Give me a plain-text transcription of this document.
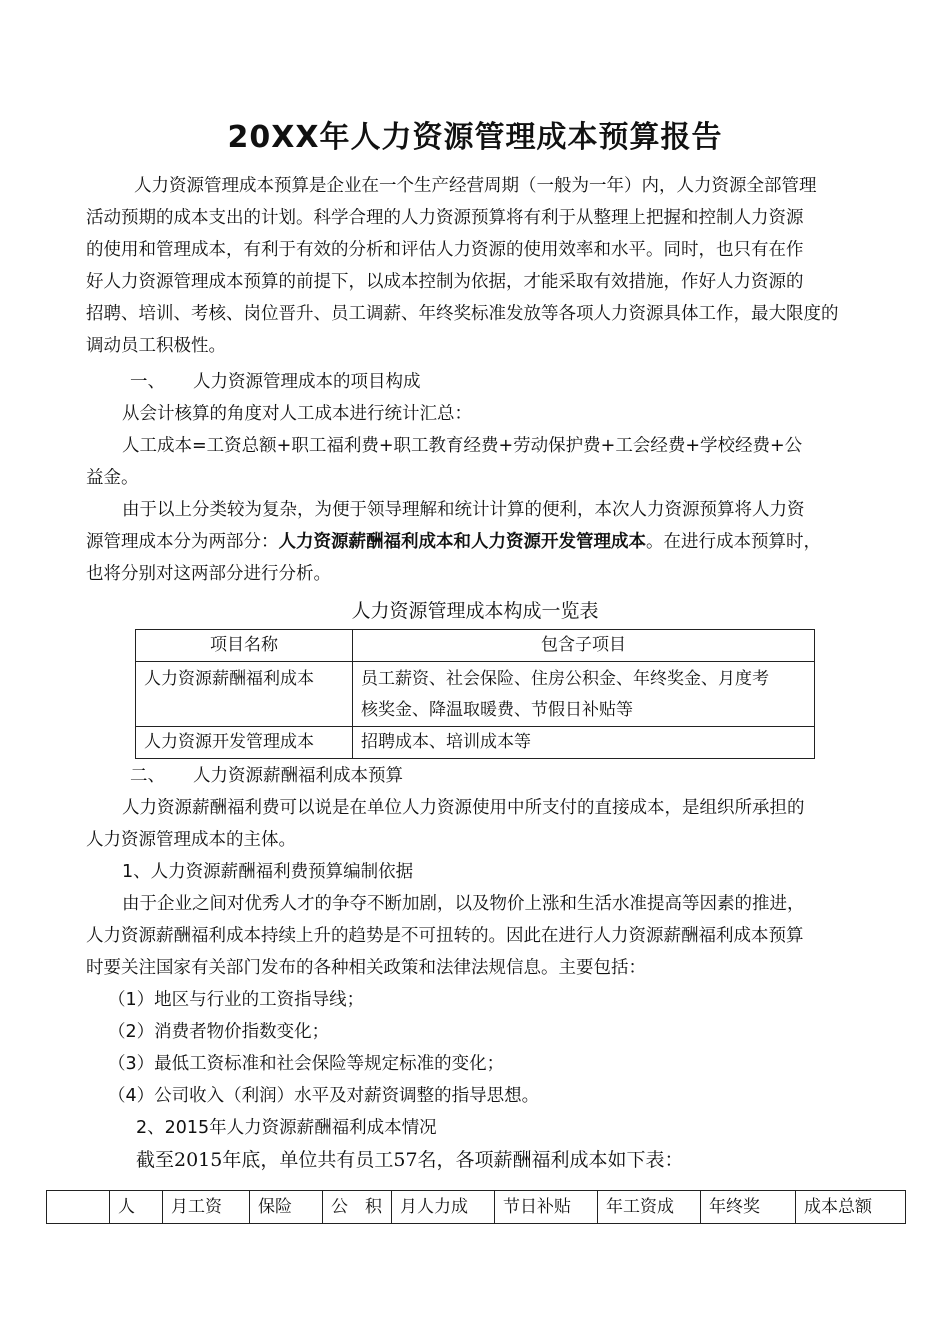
20XX年人力资源管理成本预算报告
人力资源管理成本预算是企业在一个生产经营周期（一般为一年）内，人力资源全部管理
活动预期的成本支出的计划。科学合理的人力资源预算将有利于从整理上把握和控制人力资源
的使用和管理成本，有利于有效的分析和评估人力资源的使用效率和水平。同时，也只有在作
好人力资源管理成本预算的前提下，以成本控制为依据，才能采取有效措施，作好人力资源的
招聘、培训、考核、岗位晋升、员工调薪、年终奖标准发放等各项人力资源具体工作，最大限度的
调动员工积极性。
一、 人力资源管理成本的项目构成
从会计核算的角度对人工成本进行统计汇总：
人工成本=工资总额+职工福利费+职工教育经费+劳动保护费+工会经费+学校经费+公
益金。
由于以上分类较为复杂，为便于领导理解和统计计算的便利，本次人力资源预算将人力资
源管理成本分为两部分：人力资源薪酬福利成本和人力资源开发管理成本。在进行成本预算时，
也将分别对这两部分进行分析。
人力资源管理成本构成一览表
项目名称	包含子项目
人力资源薪酬福利成本	员工薪资、社会保险、住房公积金、年终奖金、月度考
核奖金、降温取暖费、节假日补贴等

人力资源开发管理成本	招聘成本、培训成本等
二、 人力资源薪酬福利成本预算
人力资源薪酬福利费可以说是在单位人力资源使用中所支付的直接成本，是组织所承担的
人力资源管理成本的主体。
1、人力资源薪酬福利费预算编制依据
由于企业之间对优秀人才的争夺不断加剧，以及物价上涨和生活水准提高等因素的推进，
人力资源薪酬福利成本持续上升的趋势是不可扭转的。因此在进行人力资源薪酬福利成本预算
时要关注国家有关部门发布的各种相关政策和法律法规信息。主要包括：
（1）地区与行业的工资指导线；
（2）消费者物价指数变化；
（3）最低工资标准和社会保险等规定标准的变化；
（4）公司收入（利润）水平及对薪资调整的指导思想。
2、2015年人力资源薪酬福利成本情况
截至2015年底，单位共有员工57名，各项薪酬福利成本如下表：
	人	月工资	保险	公　积	月人力成	节日补贴	年工资成	年终奖	成本总额
